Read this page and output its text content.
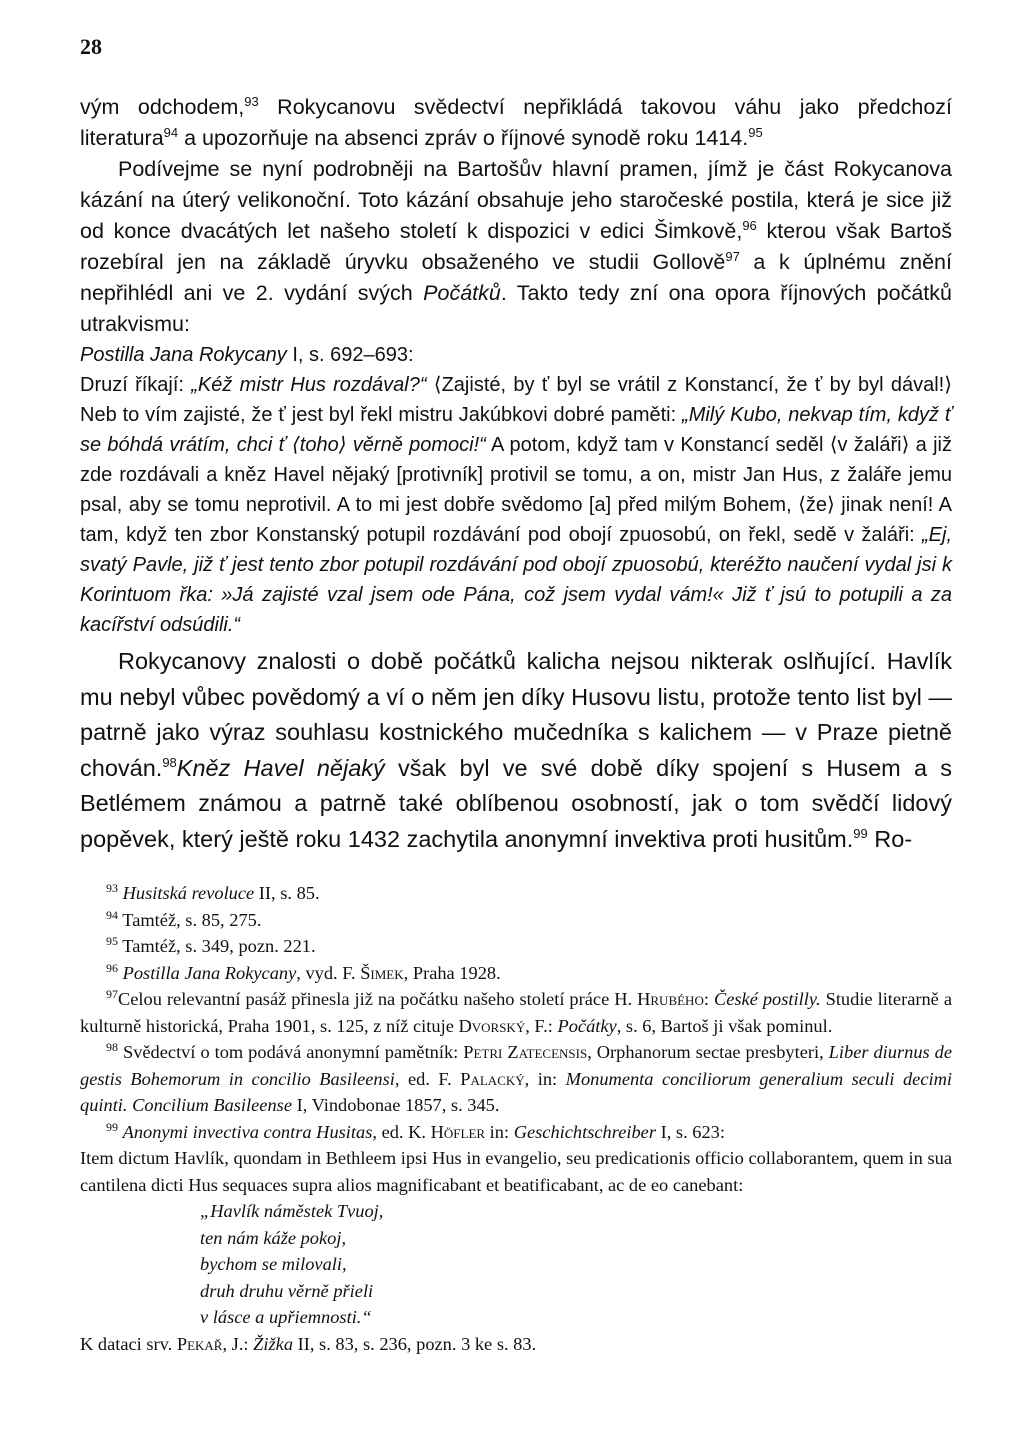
28

vým odchodem,$^{93}$ Rokycanovu svědectví nepřikládá takovou váhu jako předchozí literatura$^{94}$ a upozorňuje na absenci zpráv o říjnové synodě roku 1414.95

Podívejme se nyní podrobněji na Bartošův hlavní pramen, jímž je část Rokycanova kázání na úterý velikonoční. Toto kázání obsahuje jeho staročeské postila, která je sice již od konce dvacátých let našeho století k dispozici v edici Šimkově,$^{96}$ kterou však Bartoš rozebíral jen na základě úryvku obsaženého ve studii Gollově$^{97}$ a k úplnému znění nepřihlédl ani ve 2. vydání svých Počátků. Takto tedy zní ona opora říjnových počátků utrakvismu:

Postilla Jana Rokycany I, s. 692–693:

Druzí říkají: „Kéž mistr Hus rozdával?“ ⟨Zajisté, by ť byl se vrátil z Konstancí, že ť by byl dával!⟩ Neb to vím zajisté, že ť jest byl řekl mistru Jakúbkovi dobré paměti: „Milý Kubo, nekvap tím, když ť se bóhdá vrátím, chci ť ⟨toho⟩ věrně pomoci!“ A potom, když tam v Konstancí seděl ⟨v žaláři⟩ a již zde rozdávali a kněz Havel nějaký [protivník] protivil se tomu, a on, mistr Jan Hus, z žaláře jemu psal, aby se tomu neprotivil. A to mi jest dobře svědomo [a] před milým Bohem, ⟨že⟩ jinak není! A tam, když ten zbor Konstanský potupil rozdávání pod obojí zpuosobú, on řekl, sedě v žaláři: „Ej, svatý Pavle, již ť jest tento zbor potupil rozdávání pod obojí zpuosobú, kteréžto naučení vydal jsi k Korintuom řka: »Já zajisté vzal jsem ode Pána, což jsem vydal vám!« Již ť jsú to potupili a za kacířství odsúdili.“

Rokycanovy znalosti o době počátků kalicha nejsou nikterak oslňující. Havlík mu nebyl vůbec povědomý a ví o něm jen díky Husovu listu, protože tento list byl — patrně jako výraz souhlasu kostnického mučedníka s kalichem — v Praze pietně chován.$^{98}$Kněz Havel nějaký však byl ve své době díky spojení s Husem a s Betlémem známou a patrně také oblíbenou osobností, jak o tom svědčí lidový popěvek, který ještě roku 1432 zachytila anonymní invektiva proti husitům.$^{99}$ Ro-

$^{93}$ Husitská revoluce II, s. 85.

$^{94}$ Tamtéž, s. 85, 275.

$^{95}$ Tamtéž, s. 349, pozn. 221.

$^{96}$ Postilla Jana Rokycany, vyd. F. Šimek, Praha 1928.

$^{97}$Celou relevantní pasáž přinesla již na počátku našeho století práce H. Hrubého: České postilly. Studie literarně a kulturně historická, Praha 1901, s. 125, z níž cituje Dvorský, F.: Počátky, s. 6, Bartoš ji však pominul.

$^{98}$ Svědectví o tom podává anonymní pamětník: Petri Zatecensis, Orphanorum sectae presbyteri, Liber diurnus de gestis Bohemorum in concilio Basileensi, ed. F. Palacký, in: Monumenta conciliorum generalium seculi decimi quinti. Concilium Basileense I, Vindobonae 1857, s. 345.

$^{99}$ Anonymi invectiva contra Husitas, ed. K. Höfler in: Geschichtschreiber I, s. 623:

Item dictum Havlík, quondam in Bethleem ipsi Hus in evangelio, seu predicationis officio collaborantem, quem in sua cantilena dicti Hus sequaces supra alios magnificabant et beatificabant, ac de eo canebant:

„Havlík náměstek Tvuoj,
ten nám káže pokoj,
bychom se milovali,
druh druhu věrně přieli
v lásce a upřiemnosti.“

K dataci srv. Pekař, J.: Žižka II, s. 83, s. 236, pozn. 3 ke s. 83.
